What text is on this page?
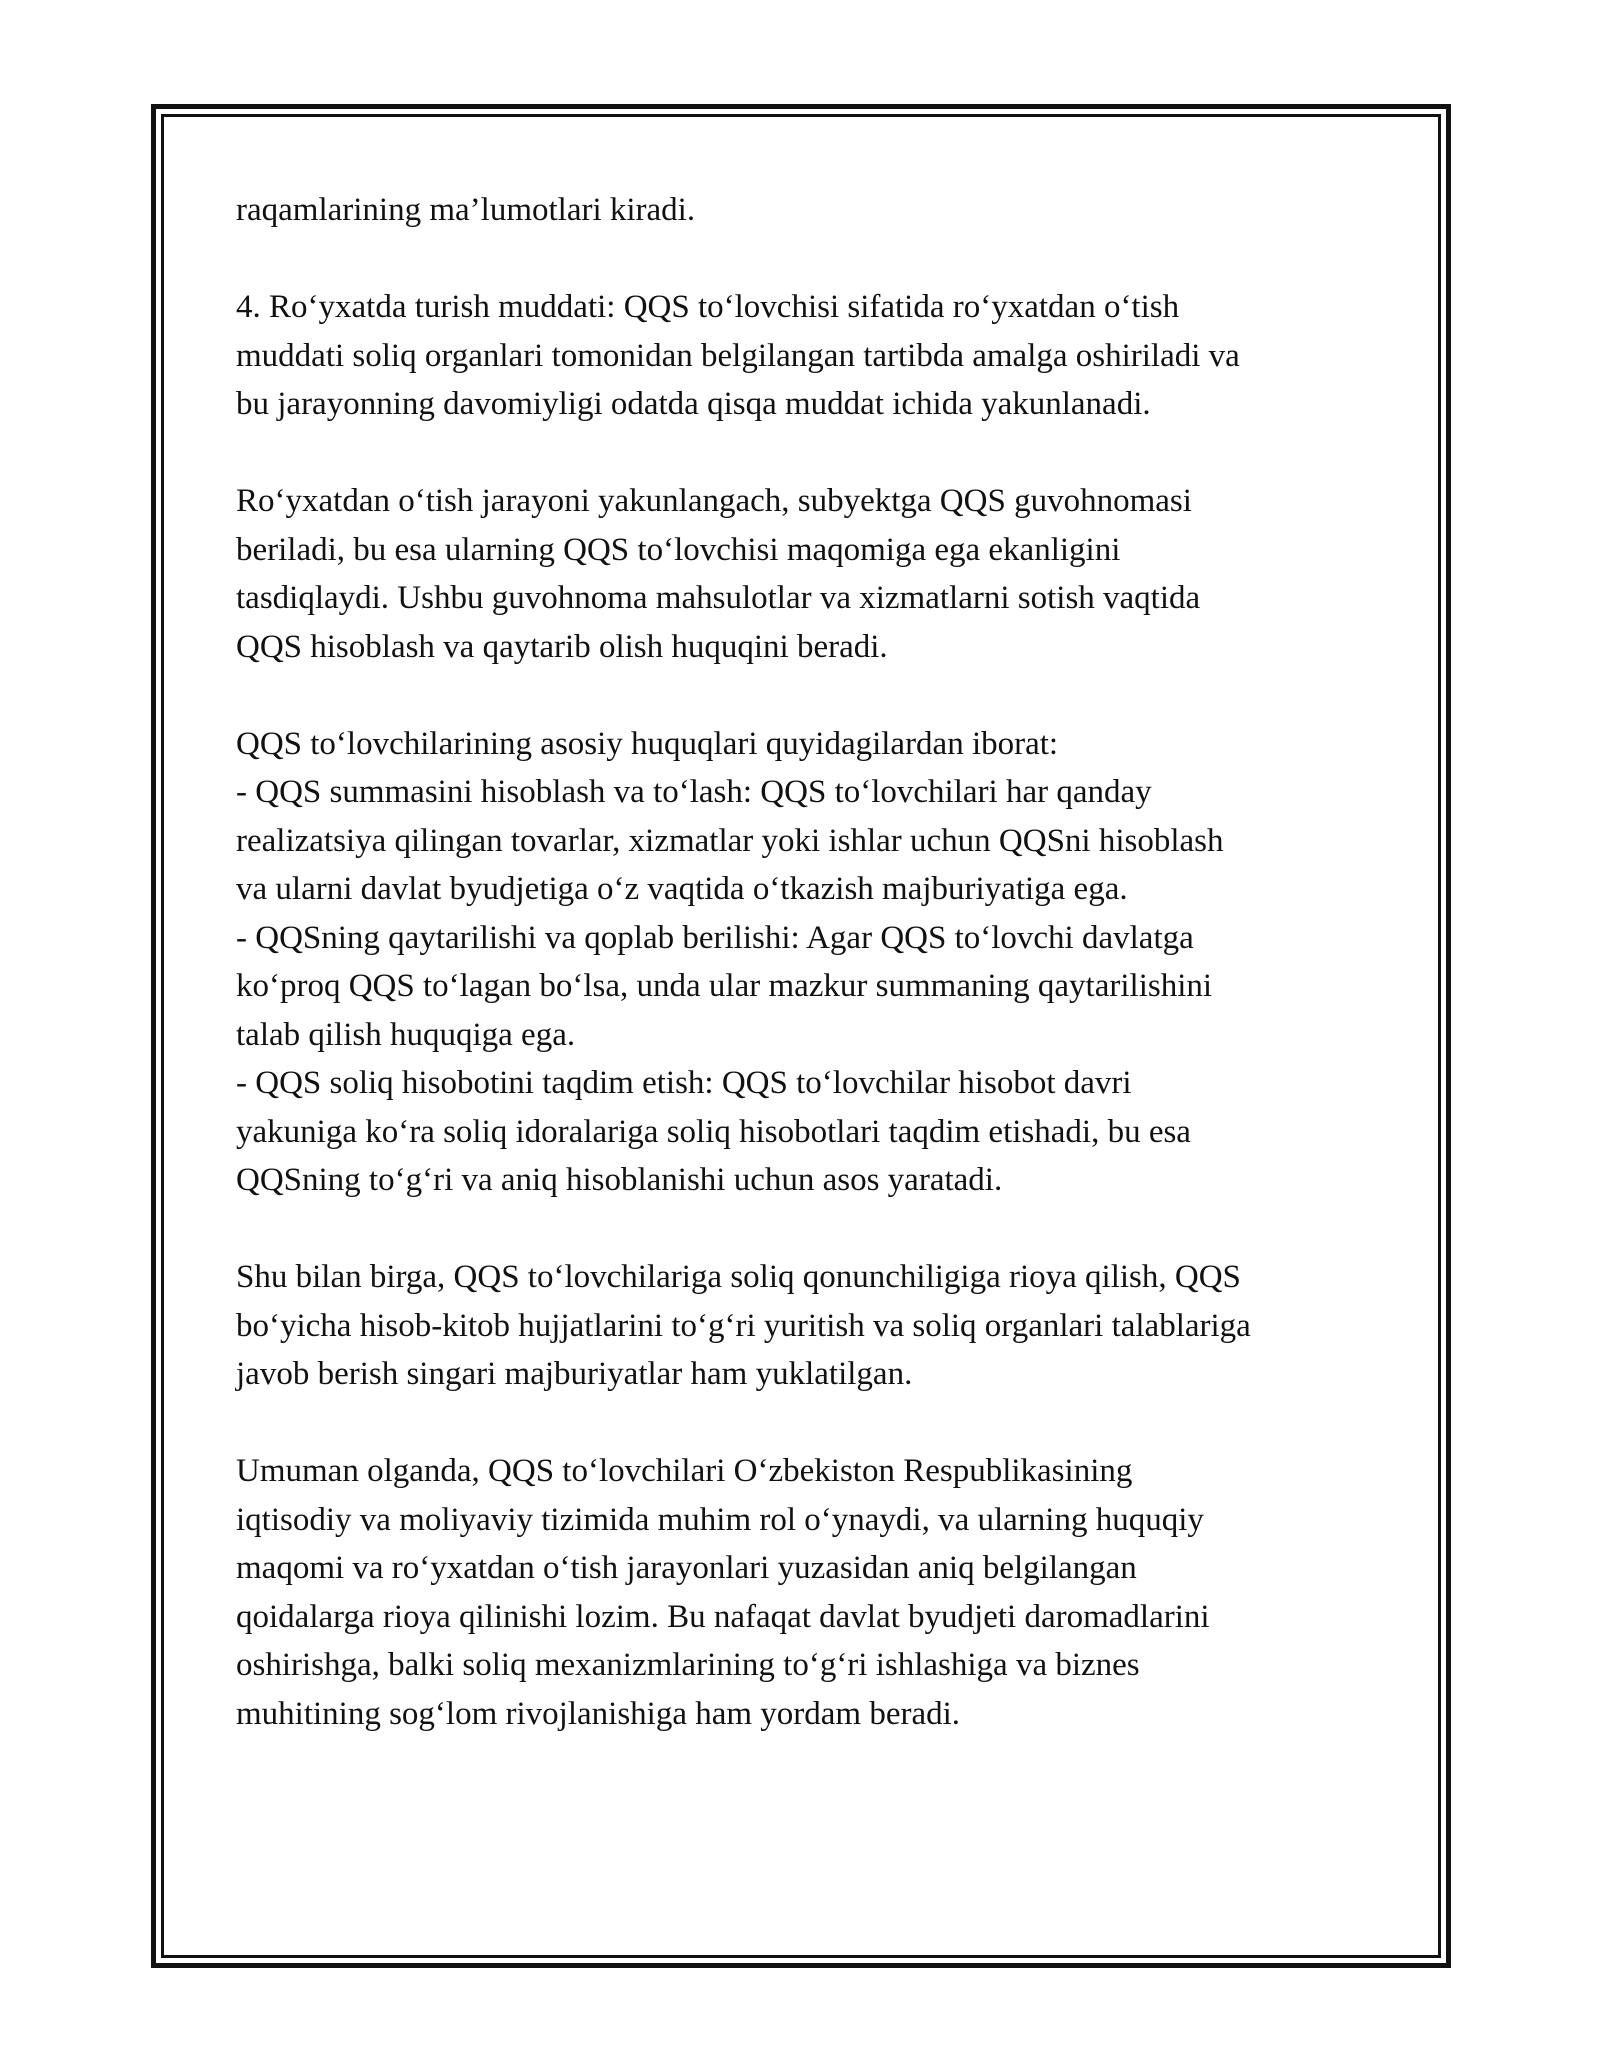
raqamlarining ma’lumotlari kiradi.

4. Ro‘yxatda turish muddati: QQS to‘lovchisi sifatida ro‘yxatdan o‘tish
muddati soliq organlari tomonidan belgilangan tartibda amalga oshiriladi va
bu jarayonning davomiyligi odatda qisqa muddat ichida yakunlanadi.

Ro‘yxatdan o‘tish jarayoni yakunlangach, subyektga QQS guvohnomasi
beriladi, bu esa ularning QQS to‘lovchisi maqomiga ega ekanligini
tasdiqlaydi. Ushbu guvohnoma mahsulotlar va xizmatlarni sotish vaqtida
QQS hisoblash va qaytarib olish huquqini beradi.

QQS to‘lovchilarining asosiy huquqlari quyidagilardan iborat:
- QQS summasini hisoblash va to‘lash: QQS to‘lovchilari har qanday
realizatsiya qilingan tovarlar, xizmatlar yoki ishlar uchun QQSni hisoblash
va ularni davlat byudjetiga o‘z vaqtida o‘tkazish majburiyatiga ega.
- QQSning qaytarilishi va qoplab berilishi: Agar QQS to‘lovchi davlatga
ko‘proq QQS to‘lagan bo‘lsa, unda ular mazkur summaning qaytarilishini
talab qilish huquqiga ega.
- QQS soliq hisobotini taqdim etish: QQS to‘lovchilar hisobot davri
yakuniga ko‘ra soliq idoralariga soliq hisobotlari taqdim etishadi, bu esa
QQSning to‘g‘ri va aniq hisoblanishi uchun asos yaratadi.

Shu bilan birga, QQS to‘lovchilariga soliq qonunchiligiga rioya qilish, QQS
bo‘yicha hisob-kitob hujjatlarini to‘g‘ri yuritish va soliq organlari talablariga
javob berish singari majburiyatlar ham yuklatilgan.

Umuman olganda, QQS to‘lovchilari O‘zbekiston Respublikasining
iqtisodiy va moliyaviy tizimida muhim rol o‘ynaydi, va ularning huquqiy
maqomi va ro‘yxatdan o‘tish jarayonlari yuzasidan aniq belgilangan
qoidalarga rioya qilinishi lozim. Bu nafaqat davlat byudjeti daromadlarini
oshirishga, balki soliq mexanizmlarining to‘g‘ri ishlashiga va biznes
muhitining sog‘lom rivojlanishiga ham yordam beradi.
